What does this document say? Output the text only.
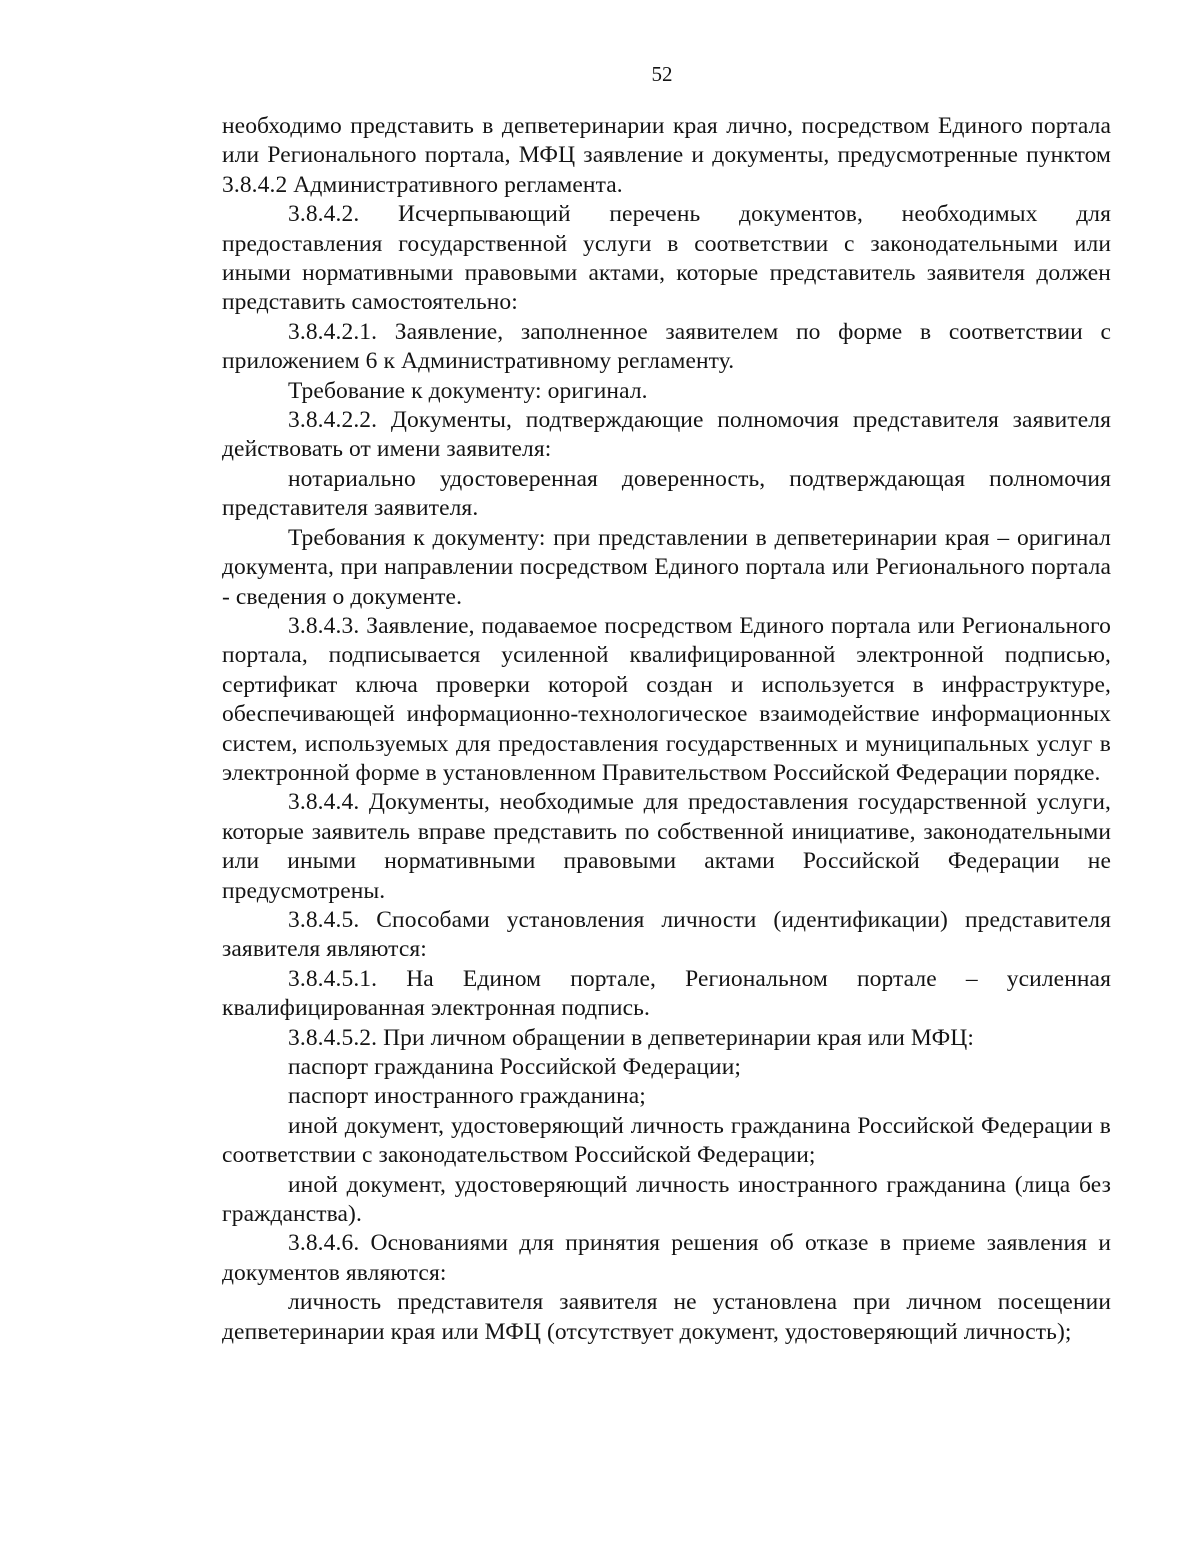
52

необходимо представить в депветеринарии края лично, посредством Единого портала или Регионального портала, МФЦ заявление и документы, предусмотренные пунктом 3.8.4.2 Административного регламента.

3.8.4.2. Исчерпывающий перечень документов, необходимых для предоставления государственной услуги в соответствии с законодательными или иными нормативными правовыми актами, которые представитель заявителя должен представить самостоятельно:

3.8.4.2.1. Заявление, заполненное заявителем по форме в соответствии с приложением 6 к Административному регламенту.

Требование к документу: оригинал.

3.8.4.2.2. Документы, подтверждающие полномочия представителя заявителя действовать от имени заявителя:

нотариально удостоверенная доверенность, подтверждающая полномочия представителя заявителя.

Требования к документу: при представлении в депветеринарии края – оригинал документа, при направлении посредством Единого портала или Регионального портала - сведения о документе.

3.8.4.3. Заявление, подаваемое посредством Единого портала или Регионального портала, подписывается усиленной квалифицированной электронной подписью, сертификат ключа проверки которой создан и используется в инфраструктуре, обеспечивающей информационно-технологическое взаимодействие информационных систем, используемых для предоставления государственных и муниципальных услуг в электронной форме в установленном Правительством Российской Федерации порядке.

3.8.4.4. Документы, необходимые для предоставления государственной услуги, которые заявитель вправе представить по собственной инициативе, законодательными или иными нормативными правовыми актами Российской Федерации не предусмотрены.

3.8.4.5. Способами установления личности (идентификации) представителя заявителя являются:

3.8.4.5.1. На Едином портале, Региональном портале – усиленная квалифицированная электронная подпись.

3.8.4.5.2. При личном обращении в депветеринарии края или МФЦ:

паспорт гражданина Российской Федерации;

паспорт иностранного гражданина;

иной документ, удостоверяющий личность гражданина Российской Федерации в соответствии с законодательством Российской Федерации;

иной документ, удостоверяющий личность иностранного гражданина (лица без гражданства).

3.8.4.6. Основаниями для принятия решения об отказе в приеме заявления и документов являются:

личность представителя заявителя не установлена при личном посещении депветеринарии края или МФЦ (отсутствует документ, удостоверяющий личность);
